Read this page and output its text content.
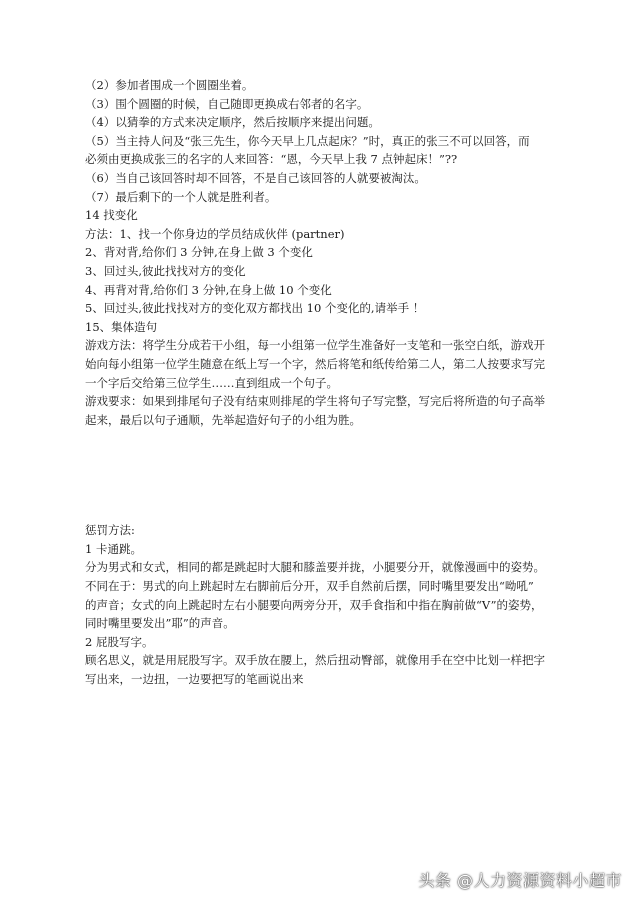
（2）参加者围成一个圆圈坐着。

（3）围个圆圈的时候，自己随即更换成右邻者的名字。

（4）以猜拳的方式来决定顺序，然后按顺序来提出问题。

（5）当主持人问及“张三先生，你今天早上几点起床？”时，真正的张三不可以回答，而

必须由更换成张三的名字的人来回答：“恩，今天早上我 7 点钟起床！”??

（6）当自己该回答时却不回答，不是自己该回答的人就要被淘汰。

（7）最后剩下的一个人就是胜利者。

14 找变化

方法：1、找一个你身边的学员结成伙伴 (partner)

2、背对背,给你们 3 分钟,在身上做 3 个变化

3、回过头,彼此找找对方的变化

4、再背对背,给你们 3 分钟,在身上做 10 个变化

5、回过头,彼此找找对方的变化双方都找出 10 个变化的,请举手 ！

15、集体造句

游戏方法：将学生分成若干小组，每一小组第一位学生准备好一支笔和一张空白纸，游戏开

始向每小组第一位学生随意在纸上写一个字，然后将笔和纸传给第二人，第二人按要求写完

一个字后交给第三位学生……直到组成一个句子。

游戏要求：如果到排尾句子没有结束则排尾的学生将句子写完整，写完后将所造的句子高举

起来，最后以句子通顺，先举起造好句子的小组为胜。

惩罚方法:

1 卡通跳。

分为男式和女式，相同的都是跳起时大腿和膝盖要并拢，小腿要分开，就像漫画中的姿势。

不同在于：男式的向上跳起时左右脚前后分开，双手自然前后摆，同时嘴里要发出“呦吼”

的声音；女式的向上跳起时左右小腿要向两旁分开，双手食指和中指在胸前做“V”的姿势，

同时嘴里要发出”耶”的声音。

2 屁股写字。

顾名思义，就是用屁股写字。双手放在腰上，然后扭动臀部，就像用手在空中比划一样把字

写出来，一边扭，一边要把写的笔画说出来

头条 @人力资源资料小超市
